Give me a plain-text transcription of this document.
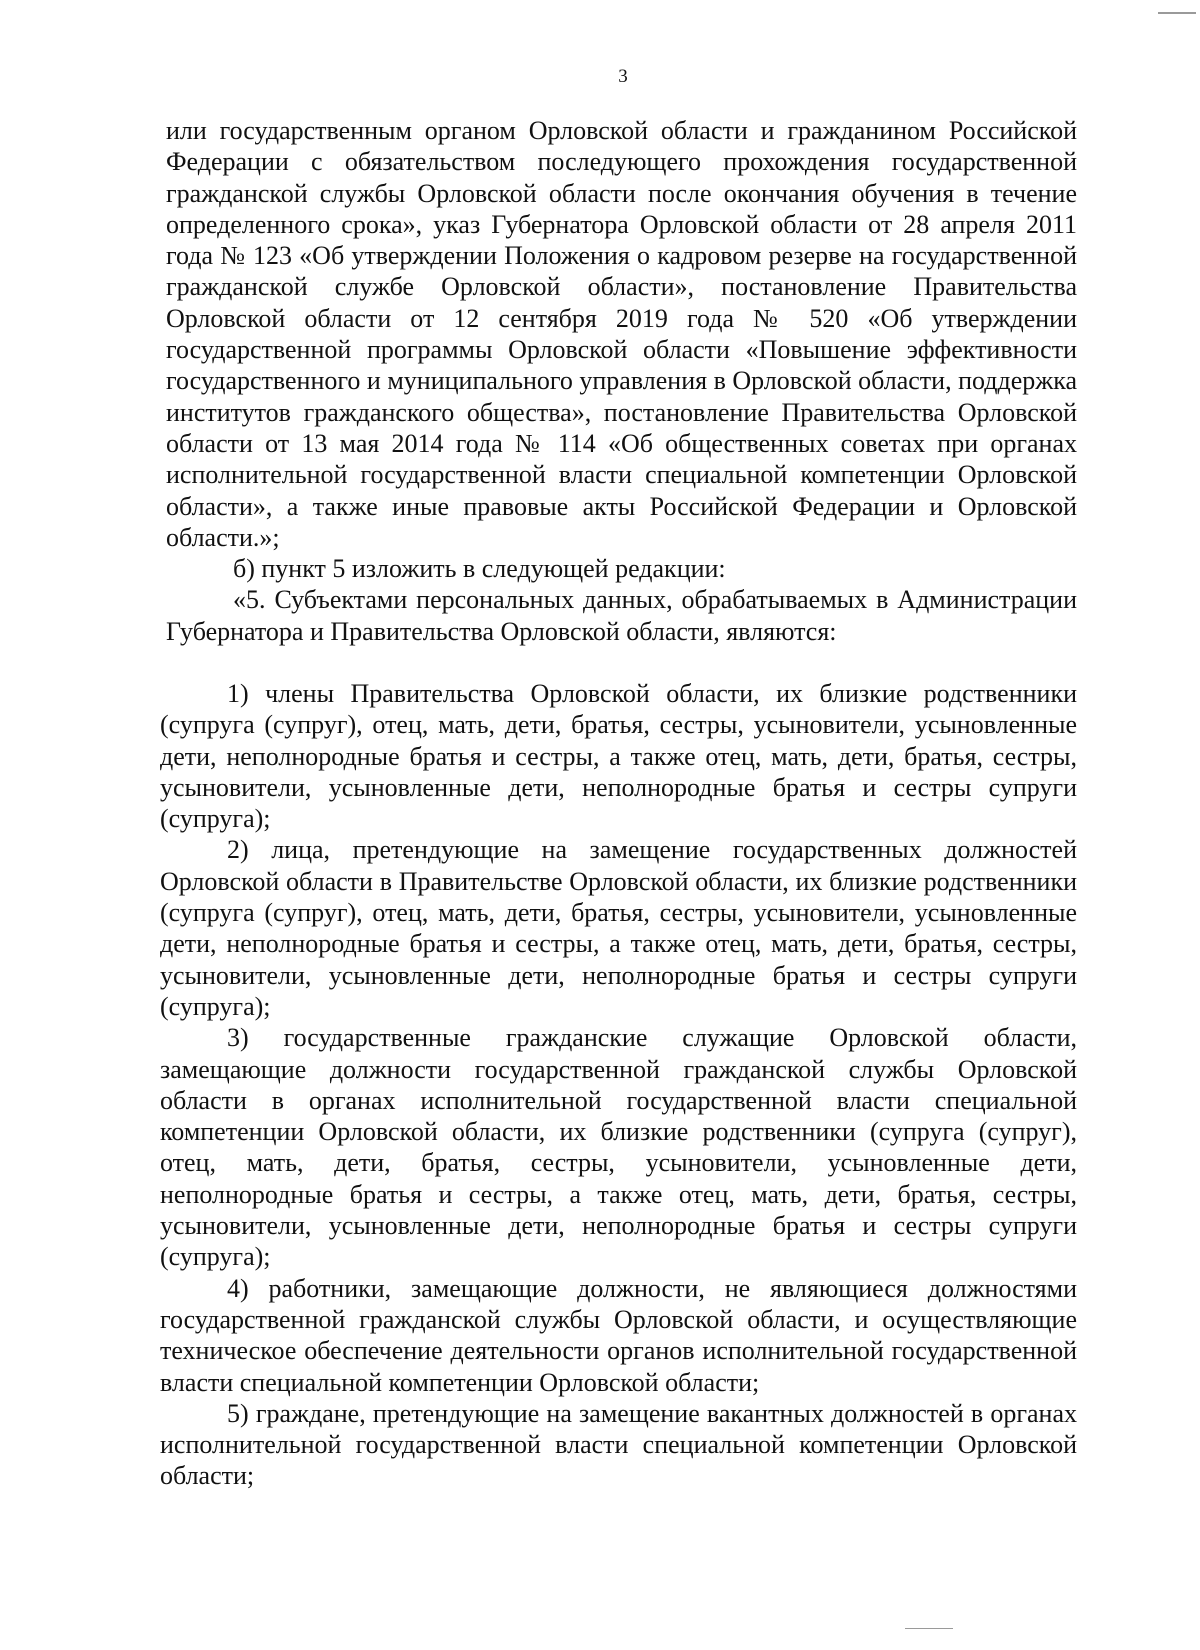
3

или государственным органом Орловской области и гражданином Российской Федерации с обязательством последующего прохождения государственной гражданской службы Орловской области после окончания обучения в течение определенного срока», указ Губернатора Орловской области от 28 апреля 2011 года № 123 «Об утверждении Положения о кадровом резерве на государственной гражданской службе Орловской области», постановление Правительства Орловской области от 12 сентября 2019 года № 520 «Об утверждении государственной программы Орловской области «Повышение эффективности государственного и муниципального управления в Орловской области, поддержка институтов гражданского общества», постановление Правительства Орловской области от 13 мая 2014 года № 114 «Об общественных советах при органах исполнительной государственной власти специальной компетенции Орловской области», а также иные правовые акты Российской Федерации и Орловской области.»;

б) пункт 5 изложить в следующей редакции:

«5. Субъектами персональных данных, обрабатываемых в Администрации Губернатора и Правительства Орловской области, являются:

1) члены Правительства Орловской области, их близкие родственники (супруга (супруг), отец, мать, дети, братья, сестры, усыновители, усыновленные дети, неполнородные братья и сестры, а также отец, мать, дети, братья, сестры, усыновители, усыновленные дети, неполнородные братья и сестры супруги (супруга);

2) лица, претендующие на замещение государственных должностей Орловской области в Правительстве Орловской области, их близкие родственники (супруга (супруг), отец, мать, дети, братья, сестры, усыновители, усыновленные дети, неполнородные братья и сестры, а также отец, мать, дети, братья, сестры, усыновители, усыновленные дети, неполнородные братья и сестры супруги (супруга);

3) государственные гражданские служащие Орловской области, замещающие должности государственной гражданской службы Орловской области в органах исполнительной государственной власти специальной компетенции Орловской области, их близкие родственники (супруга (супруг), отец, мать, дети, братья, сестры, усыновители, усыновленные дети, неполнородные братья и сестры, а также отец, мать, дети, братья, сестры, усыновители, усыновленные дети, неполнородные братья и сестры супруги (супруга);

4) работники, замещающие должности, не являющиеся должностями государственной гражданской службы Орловской области, и осуществляющие техническое обеспечение деятельности органов исполнительной государственной власти специальной компетенции Орловской области;

5) граждане, претендующие на замещение вакантных должностей в органах исполнительной государственной власти специальной компетенции Орловской области;
